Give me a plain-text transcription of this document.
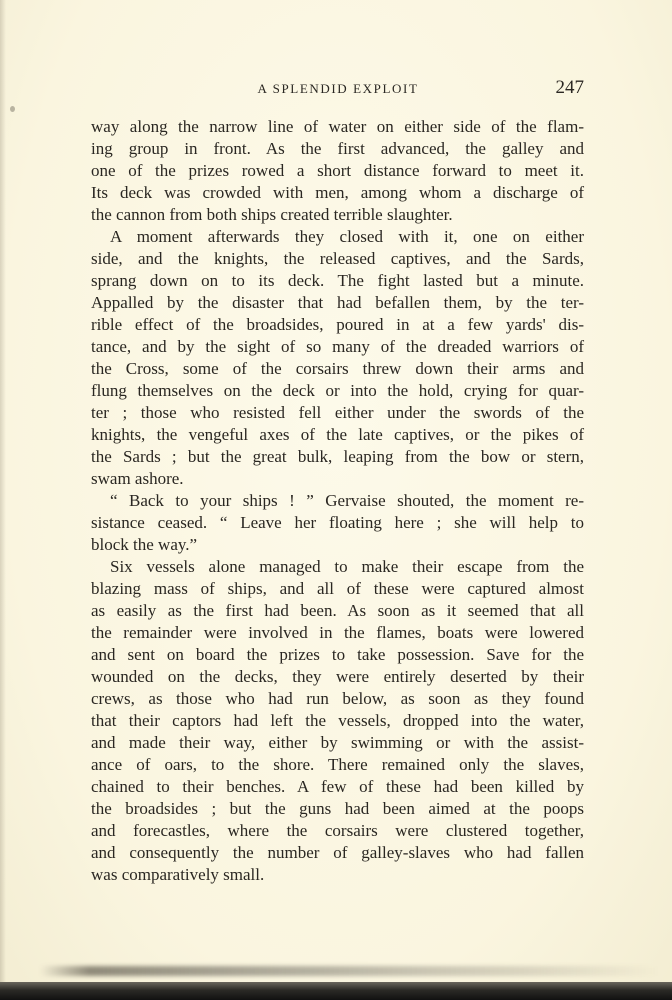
A SPLENDID EXPLOIT	247
way along the narrow line of water on either side of the flam-
ing group in front. As the first advanced, the galley and
one of the prizes rowed a short distance forward to meet it.
Its deck was crowded with men, among whom a discharge of
the cannon from both ships created terrible slaughter.
A moment afterwards they closed with it, one on either
side, and the knights, the released captives, and the Sards,
sprang down on to its deck. The fight lasted but a minute.
Appalled by the disaster that had befallen them, by the ter-
rible effect of the broadsides, poured in at a few yards' dis-
tance, and by the sight of so many of the dreaded warriors of
the Cross, some of the corsairs threw down their arms and
flung themselves on the deck or into the hold, crying for quar-
ter ; those who resisted fell either under the swords of the
knights, the vengeful axes of the late captives, or the pikes of
the Sards ; but the great bulk, leaping from the bow or stern,
swam ashore.
“ Back to your ships ! ” Gervaise shouted, the moment re-
sistance ceased. “ Leave her floating here ; she will help to
block the way.”
Six vessels alone managed to make their escape from the
blazing mass of ships, and all of these were captured almost
as easily as the first had been. As soon as it seemed that all
the remainder were involved in the flames, boats were lowered
and sent on board the prizes to take possession. Save for the
wounded on the decks, they were entirely deserted by their
crews, as those who had run below, as soon as they found
that their captors had left the vessels, dropped into the water,
and made their way, either by swimming or with the assist-
ance of oars, to the shore. There remained only the slaves,
chained to their benches. A few of these had been killed by
the broadsides ; but the guns had been aimed at the poops
and forecastles, where the corsairs were clustered together,
and consequently the number of galley-slaves who had fallen
was comparatively small.
